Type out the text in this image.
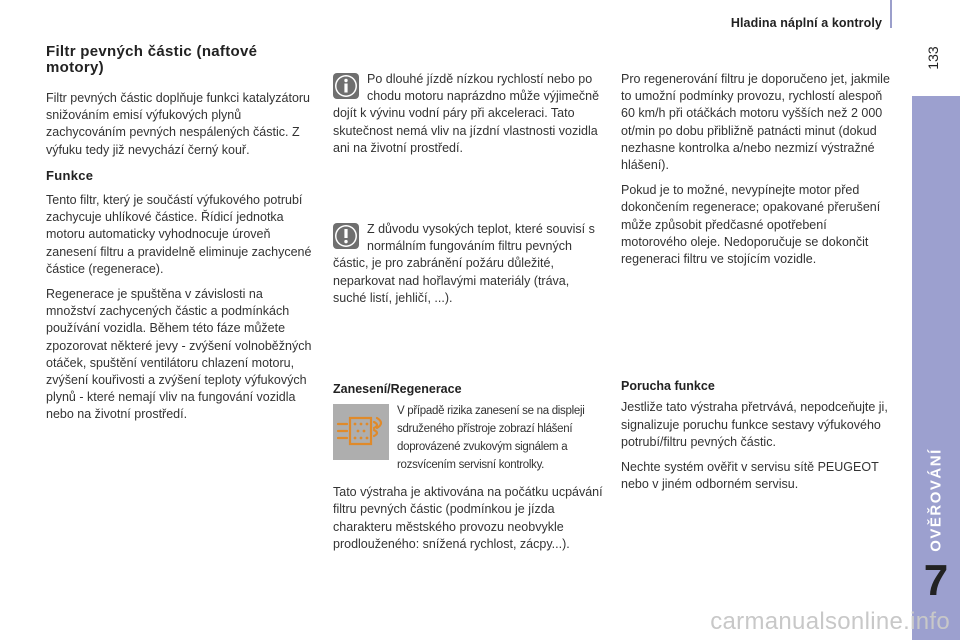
Hladina náplní a kontroly
133
OVĚŘOVÁNÍ
7
Filtr pevných částic (naftové motory)

Filtr pevných částic doplňuje funkci katalyzátoru snižováním emisí výfukových plynů zachycováním pevných nespálených částic. Z výfuku tedy již nevychází černý kouř.

Funkce

Tento filtr, který je součástí výfukového potrubí zachycuje uhlíkové částice. Řídicí jednotka motoru automaticky vyhodnocuje úroveň zanesení filtru a pravidelně eliminuje zachycené částice (regenerace).

Regenerace je spuštěna v závislosti na množství zachycených částic a podmínkách používání vozidla. Během této fáze můžete zpozorovat některé jevy - zvýšení volnoběžných otáček, spuštění ventilátoru chlazení motoru, zvýšení kouřivosti a zvýšení teploty výfukových plynů - které nemají vliv na fungování vozidla nebo na životní prostředí.

Po dlouhé jízdě nízkou rychlostí nebo po chodu motoru naprázdno může výjimečně dojít k vývinu vodní páry při akceleraci. Tato skutečnost nemá vliv na jízdní vlastnosti vozidla ani na životní prostředí.
Z důvodu vysokých teplot, které souvisí s normálním fungováním filtru pevných částic, je pro zabránění požáru důležité, neparkovat nad hořlavými materiály (tráva, suché listí, jehličí, ...).
Zanesení/Regenerace
V případě rizika zanesení se na displeji sdruženého přístroje zobrazí hlášení doprovázené zvukovým signálem a rozsvícením servisní kontrolky.

Tato výstraha je aktivována na počátku ucpávání filtru pevných částic (podmínkou je jízda charakteru městského provozu neobvykle prodlouženého: snížená rychlost, zácpy...).

Pro regenerování filtru je doporučeno jet, jakmile to umožní podmínky provozu, rychlostí alespoň 60 km/h při otáčkách motoru vyšších než 2 000 ot/min po dobu přibližně patnácti minut (dokud nezhasne kontrolka a/nebo nezmizí výstražné hlášení).

Pokud je to možné, nevypínejte motor před dokončením regenerace; opakované přerušení může způsobit předčasné opotřebení motorového oleje. Nedoporučuje se dokončit regeneraci filtru ve stojícím vozidle.

Porucha funkce

Jestliže tato výstraha přetrvává, nepodceňujte ji, signalizuje poruchu funkce sestavy výfukového potrubí/filtru pevných částic.

Nechte systém ověřit v servisu sítě PEUGEOT nebo v jiném odborném servisu.

carmanualsonline.info
